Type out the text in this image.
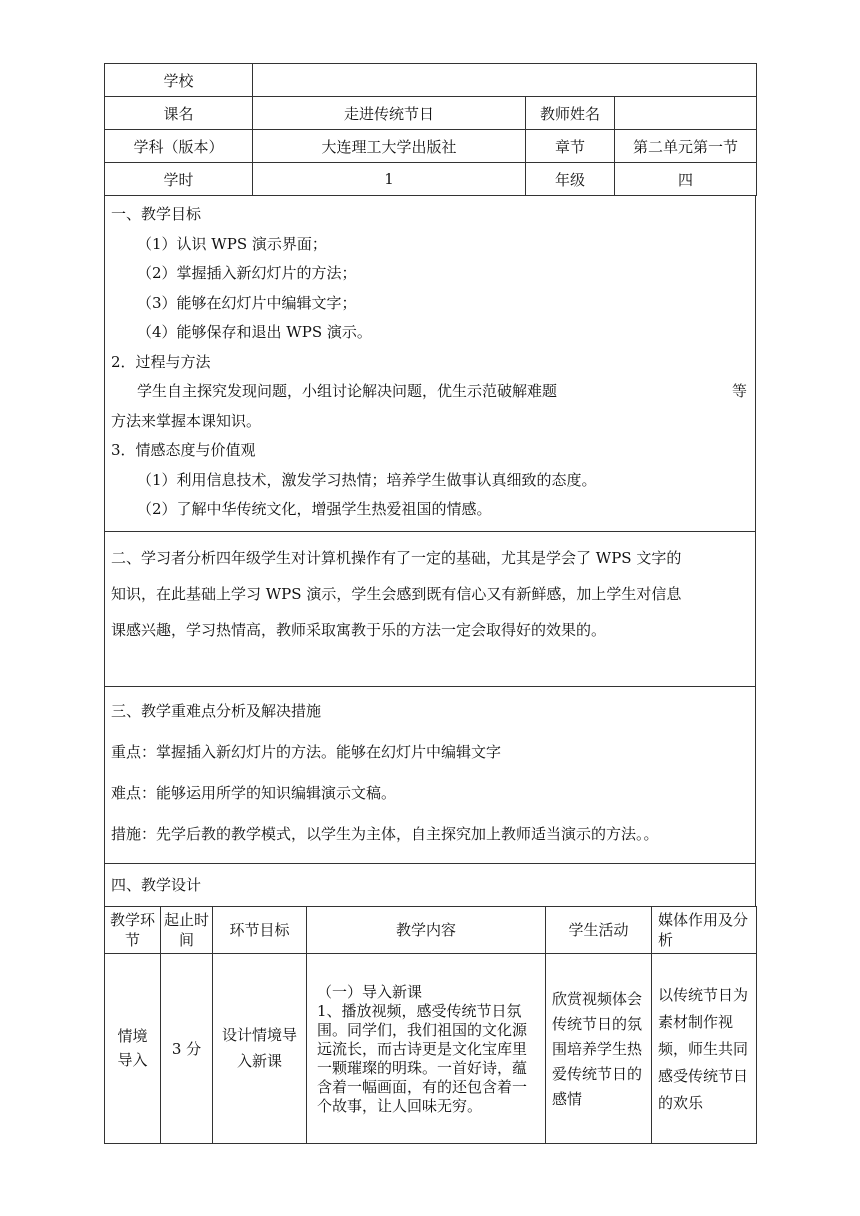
学校			
课名	走进传统节日	教师姓名	
学科（版本）	大连理工大学出版社	章节	第二单元第一节
学时	1	年级	四
一、教学目标
（1）认识 WPS 演示界面；
（2）掌握插入新幻灯片的方法；
（3）能够在幻灯片中编辑文字；
（4）能够保存和退出 WPS 演示。
2．过程与方法
学生自主探究发现问题，小组讨论解决问题，优生示范破解难题	等
方法来掌握本课知识。
3．情感态度与价值观
（1）利用信息技术，激发学习热情；培养学生做事认真细致的态度。
（2）了解中华传统文化，增强学生热爱祖国的情感。

二、学习者分析四年级学生对计算机操作有了一定的基础，尤其是学会了 WPS 文字的
知识，在此基础上学习 WPS 演示，学生会感到既有信心又有新鲜感，加上学生对信息
课感兴趣，学习热情高，教师采取寓教于乐的方法一定会取得好的效果的。

三、教学重难点分析及解决措施
重点：掌握插入新幻灯片的方法。能够在幻灯片中编辑文字
难点：能够运用所学的知识编辑演示文稿。
措施：先学后教的教学模式，以学生为主体，自主探究加上教师适当演示的方法。。

四、教学设计
教学环节	起止时间	环节目标	教学内容	学生活动	媒体作用及分析
情境导入	3 分	设计情境导入新课	（一）导入新课
1、播放视频，感受传统节日氛围。同学们，我们祖国的文化源远流长，而古诗更是文化宝库里一颗璀璨的明珠。一首好诗，蕴含着一幅画面，有的还包含着一个故事，让人回味无穷。	欣赏视频体会传统节日的氛围培养学生热爱传统节日的感情	以传统节日为素材制作视频，师生共同感受传统节日的欢乐
